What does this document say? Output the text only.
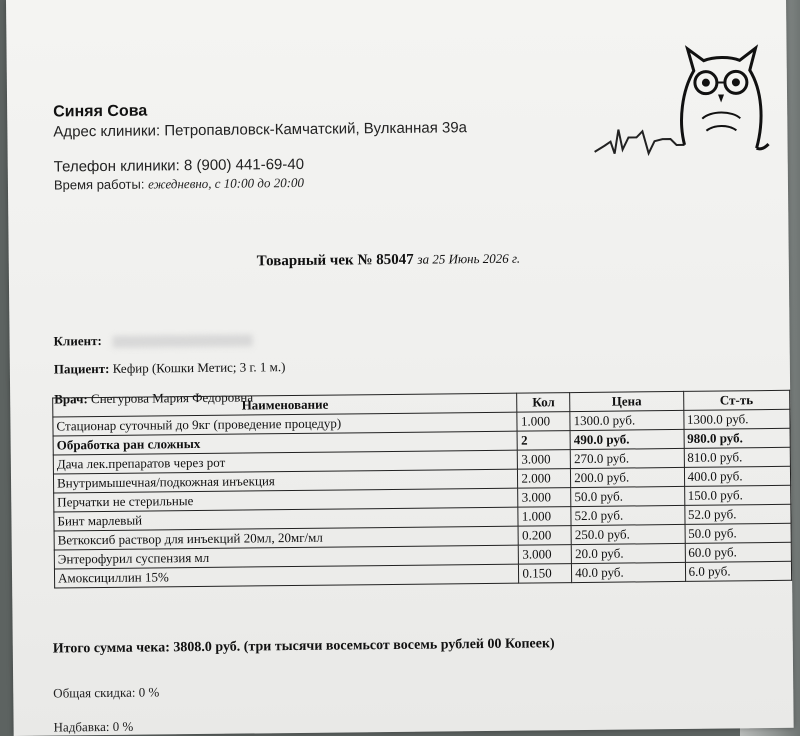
Синяя Сова
Адрес клиники: Петропавловск-Камчатский, Вулканная 39а
Телефон клиники: 8 (900) 441-69-40
Время работы: ежедневно, с 10:00 до 20:00
Товарный чек № 85047 за 25 Июнь 2026 г.
Клиент:
Пациент: Кефир (Кошки Метис; 3 г. 1 м.)
Врач: Снегурова Мария Федоровна
Наименование	Кол	Цена	Ст-ть
Стационар суточный до 9кг (проведение процедур)	1.000	1300.0 руб.	1300.0 руб.
Обработка ран сложных	2	490.0 руб.	980.0 руб.
Дача лек.препаратов через рот	3.000	270.0 руб.	810.0 руб.
Внутримышечная/подкожная инъекция	2.000	200.0 руб.	400.0 руб.
Перчатки не стерильные	3.000	50.0 руб.	150.0 руб.
Бинт марлевый	1.000	52.0 руб.	52.0 руб.
Веткоксиб раствор для инъекций 20мл, 20мг/мл	0.200	250.0 руб.	50.0 руб.
Энтерофурил суспензия мл	3.000	20.0 руб.	60.0 руб.
Амоксициллин 15%	0.150	40.0 руб.	6.0 руб.
Итого сумма чека: 3808.0 руб. (три тысячи восемьсот восемь рублей 00 Копеек)
Общая скидка: 0 %
Надбавка: 0 %
